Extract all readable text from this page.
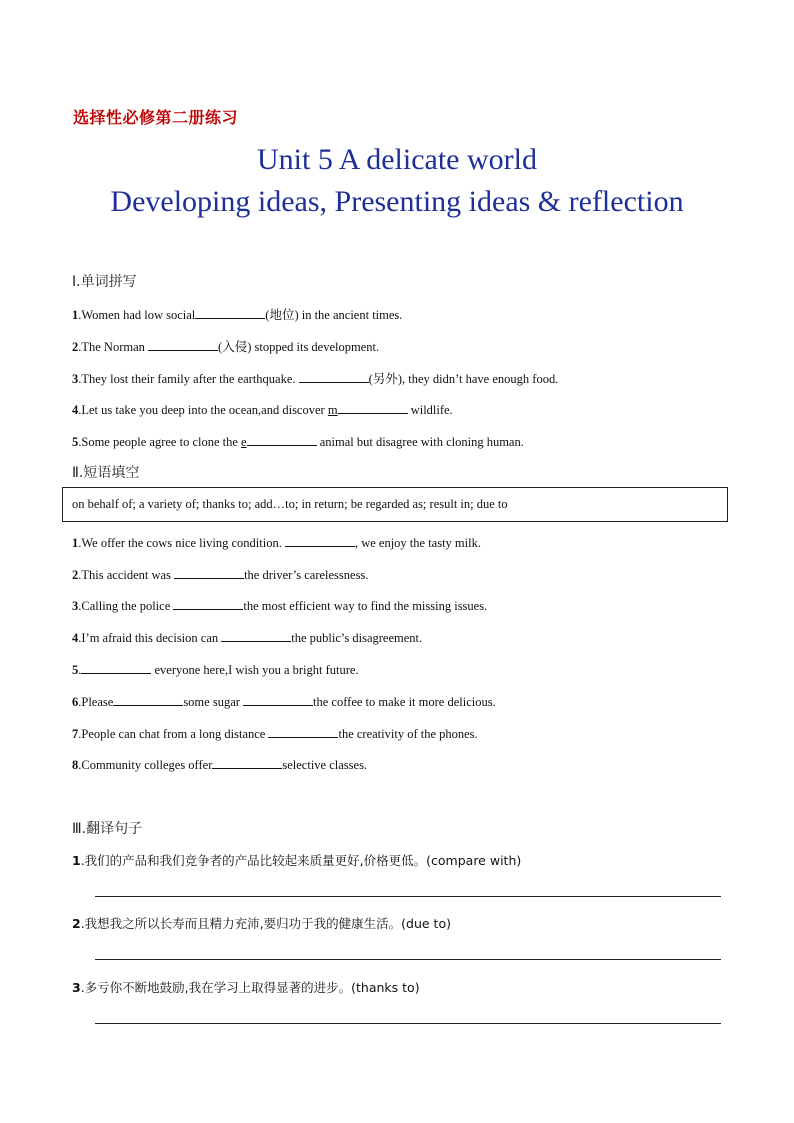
选择性必修第二册练习
Unit 5 A delicate world
Developing ideas, Presenting ideas & reflection
Ⅰ.单词拼写
1.Women had low social	(地位) in the ancient times.
2.The Norman	(入侵) stopped its development.
3.They lost their family after the earthquake.	(另外), they didn’t have enough food.
4.Let us take you deep into the ocean,and discover m	wildlife.
5.Some people agree to clone the e	animal but disagree with cloning human.
Ⅱ.短语填空
on behalf of; a variety of; thanks to; add…to; in return; be regarded as; result in; due to
1.We offer the cows nice living condition.	, we enjoy the tasty milk.
2.This accident was	the driver’s carelessness.
3.Calling the police	the most efficient way to find the missing issues.
4.I’m afraid this decision can	the public’s disagreement.
5.	everyone here,I wish you a bright future.
6.Please	some sugar	the coffee to make it more delicious.
7.People can chat from a long distance	the creativity of the phones.
8.Community colleges offer	selective classes.
Ⅲ.翻译句子
1.我们的产品和我们竞争者的产品比较起来质量更好,价格更低。(compare with)
2.我想我之所以长寿而且精力充沛,要归功于我的健康生活。(due to)
3.多亏你不断地鼓励,我在学习上取得显著的进步。(thanks to)
